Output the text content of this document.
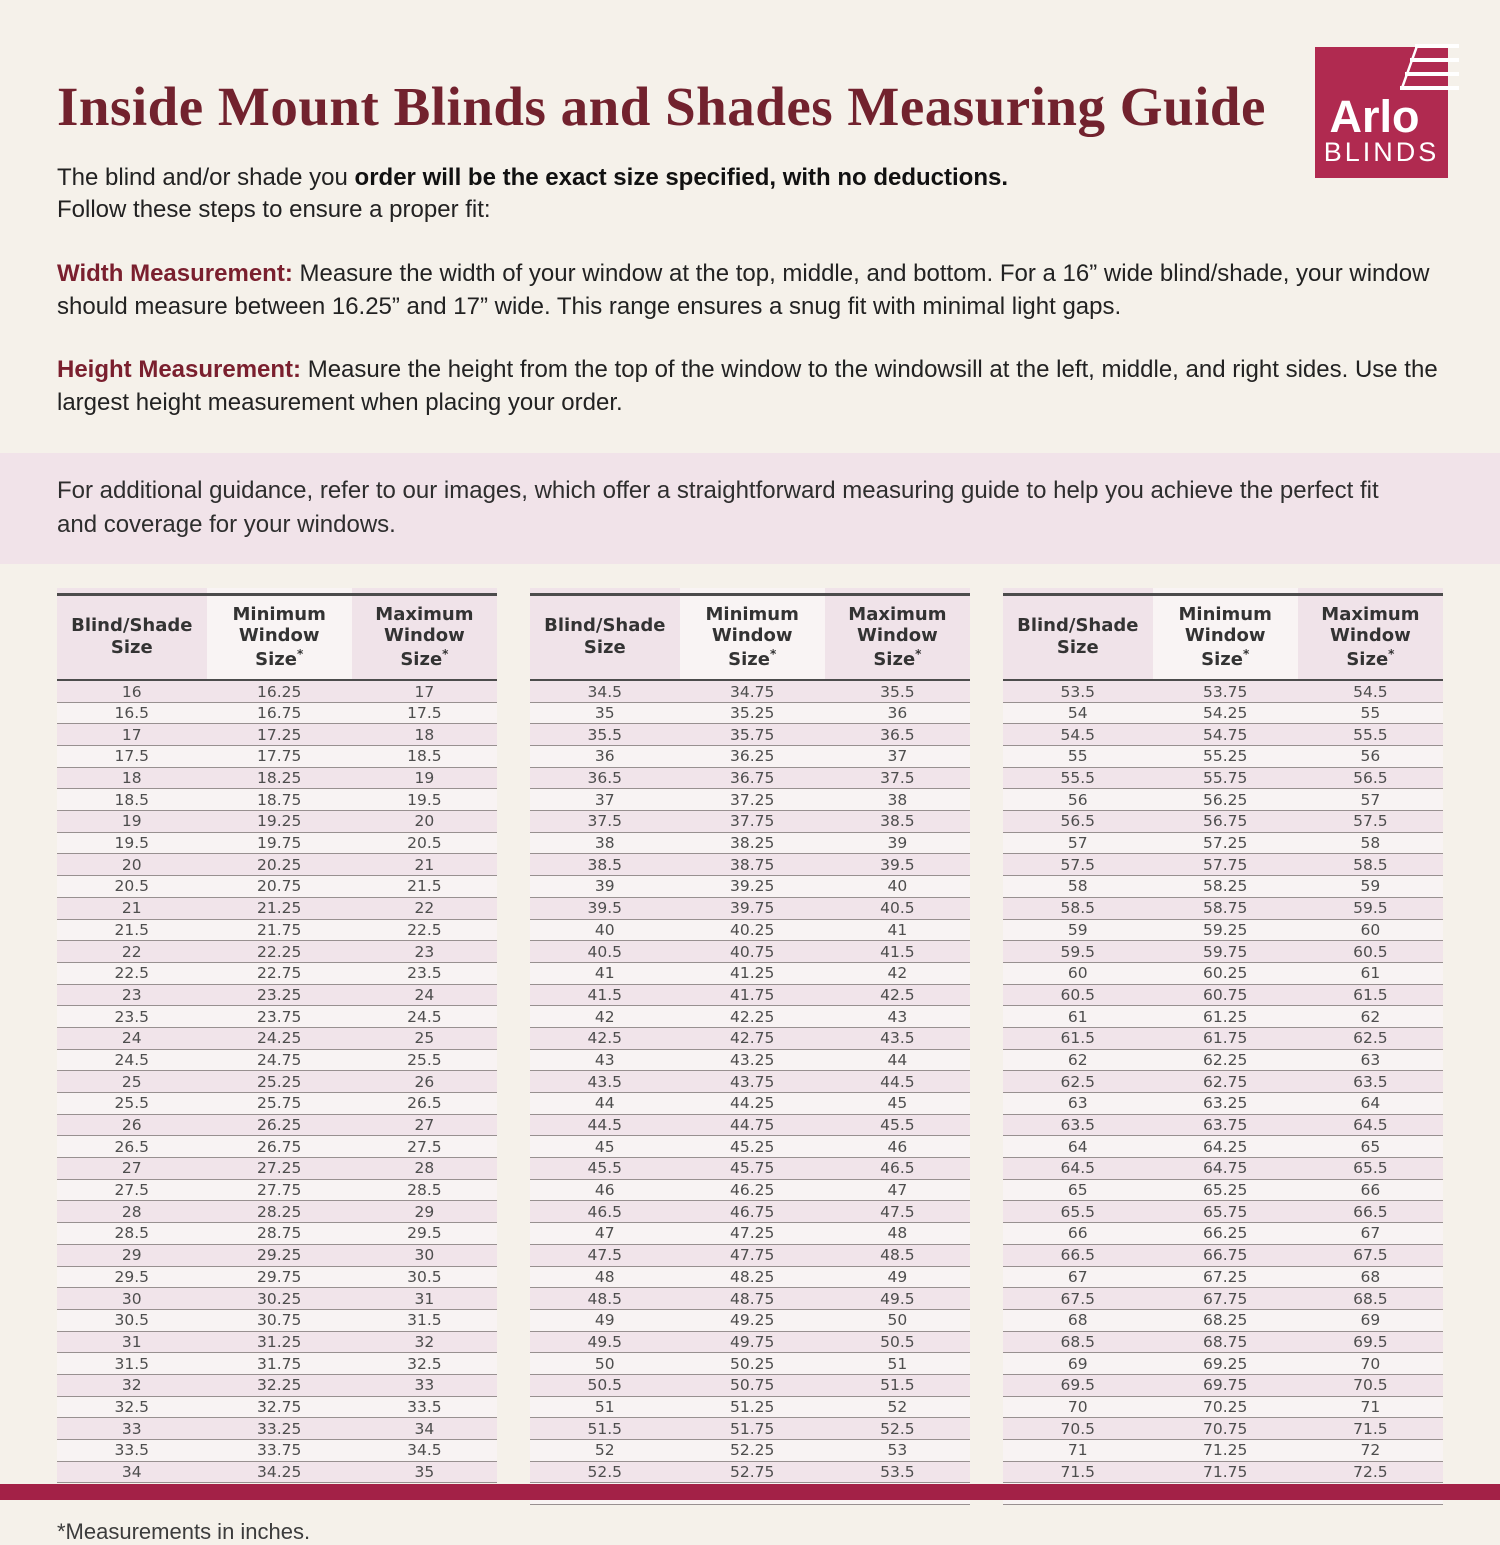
Inside Mount Blinds and Shades Measuring Guide	Arlo
BLINDS

The blind and/or shade you order will be the exact size specified, with no deductions.
Follow these steps to ensure a proper fit:

Width Measurement: Measure the width of your window at the top, middle, and bottom. For a 16” wide blind/shade, your window should measure between 16.25” and 17” wide. This range ensures a snug fit with minimal light gaps.

Height Measurement: Measure the height from the top of the window to the windowsill at the left, middle, and right sides. Use the largest height measurement when placing your order.

For additional guidance, refer to our images, which offer a straightforward measuring guide to help you achieve the perfect fit and coverage for your windows.

Blind/Shade
Size

Minimum
Window
Size*

Maximum
Window
Size*

16	16.25	17
16.5	16.75	17.5
17	17.25	18
17.5	17.75	18.5
18	18.25	19
18.5	18.75	19.5
19	19.25	20
19.5	19.75	20.5
20	20.25	21
20.5	20.75	21.5
21	21.25	22
21.5	21.75	22.5
22	22.25	23
22.5	22.75	23.5
23	23.25	24
23.5	23.75	24.5
24	24.25	25
24.5	24.75	25.5
25	25.25	26
25.5	25.75	26.5
26	26.25	27
26.5	26.75	27.5
27	27.25	28
27.5	27.75	28.5
28	28.25	29
28.5	28.75	29.5
29	29.25	30
29.5	29.75	30.5
30	30.25	31
30.5	30.75	31.5
31	31.25	32
31.5	31.75	32.5
32	32.25	33
32.5	32.75	33.5
33	33.25	34
33.5	33.75	34.5
34	34.25	35

Blind/Shade
Size

Minimum
Window
Size*

Maximum
Window
Size*

34.5	34.75	35.5
35	35.25	36
35.5	35.75	36.5
36	36.25	37
36.5	36.75	37.5
37	37.25	38
37.5	37.75	38.5
38	38.25	39
38.5	38.75	39.5
39	39.25	40
39.5	39.75	40.5
40	40.25	41
40.5	40.75	41.5
41	41.25	42
41.5	41.75	42.5
42	42.25	43
42.5	42.75	43.5
43	43.25	44
43.5	43.75	44.5
44	44.25	45
44.5	44.75	45.5
45	45.25	46
45.5	45.75	46.5
46	46.25	47
46.5	46.75	47.5
47	47.25	48
47.5	47.75	48.5
48	48.25	49
48.5	48.75	49.5
49	49.25	50
49.5	49.75	50.5
50	50.25	51
50.5	50.75	51.5
51	51.25	52
51.5	51.75	52.5
52	52.25	53
52.5	52.75	53.5

Blind/Shade
Size

Minimum
Window
Size*

Maximum
Window
Size*

53.5	53.75	54.5
54	54.25	55
54.5	54.75	55.5
55	55.25	56
55.5	55.75	56.5
56	56.25	57
56.5	56.75	57.5
57	57.25	58
57.5	57.75	58.5
58	58.25	59
58.5	58.75	59.5
59	59.25	60
59.5	59.75	60.5
60	60.25	61
60.5	60.75	61.5
61	61.25	62
61.5	61.75	62.5
62	62.25	63
62.5	62.75	63.5
63	63.25	64
63.5	63.75	64.5
64	64.25	65
64.5	64.75	65.5
65	65.25	66
65.5	65.75	66.5
66	66.25	67
66.5	66.75	67.5
67	67.25	68
67.5	67.75	68.5
68	68.25	69
68.5	68.75	69.5
69	69.25	70
69.5	69.75	70.5
70	70.25	71
70.5	70.75	71.5
71	71.25	72
71.5	71.75	72.5

*Measurements in inches.
